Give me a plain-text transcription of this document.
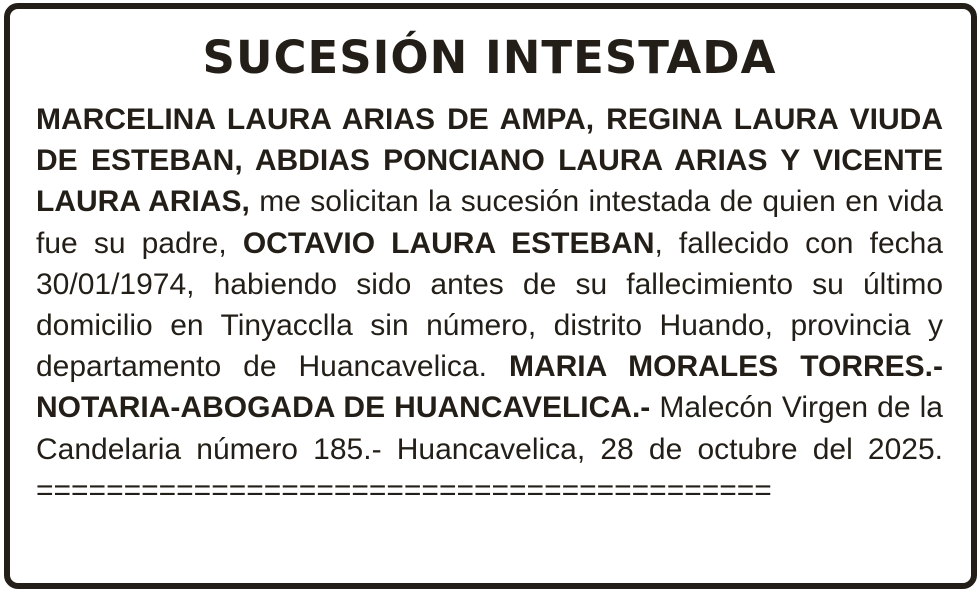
SUCESIÓN INTESTADA

MARCELINA LAURA ARIAS DE AMPA, REGINA LAURA VIUDA DE ESTEBAN, ABDIAS PONCIANO LAURA ARIAS Y VICENTE LAURA ARIAS, me solicitan la sucesión intestada de quien en vida fue su padre, OCTAVIO LAURA ESTEBAN, fallecido con fecha 30/01/1974, habiendo sido antes de su fallecimiento su último domicilio en Tinyacclla sin número, distrito Huando, provincia y departamento de Huancavelica. MARIA MORALES TORRES.- NOTARIA-ABOGADA DE HUANCAVELICA.- Malecón Virgen de la Candelaria número 185.- Huancavelica, 28 de octubre del 2025. ==========================================
